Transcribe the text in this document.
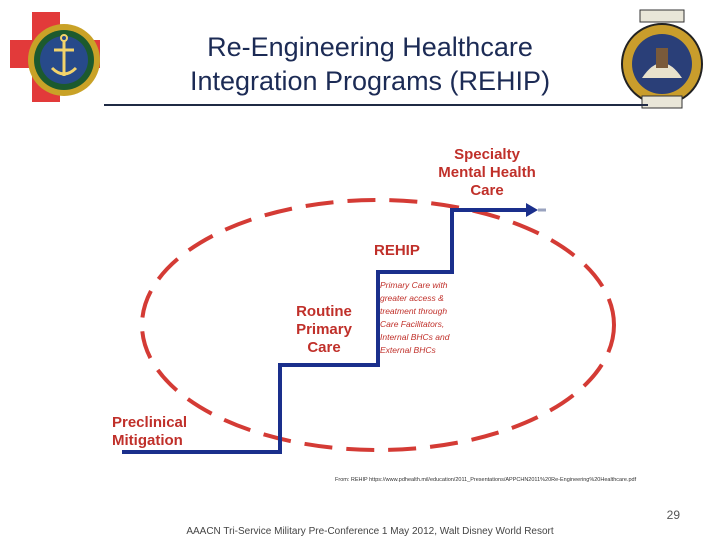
Re-Engineering Healthcare
Integration Programs (REHIP)
Specialty
Mental Health
Care
REHIP
Primary Care with
greater access &
treatment through
Care Facilitators,
Internal BHCs and
External BHCs
Routine
Primary
Care
Preclinical
Mitigation
From: REHIP https://www.pdhealth.mil/education/2011_Presentations/APPCHN2011%20Re-Engineering%20Healthcare.pdf
29
AAACN Tri-Service Military Pre-Conference 1 May 2012, Walt Disney World Resort
